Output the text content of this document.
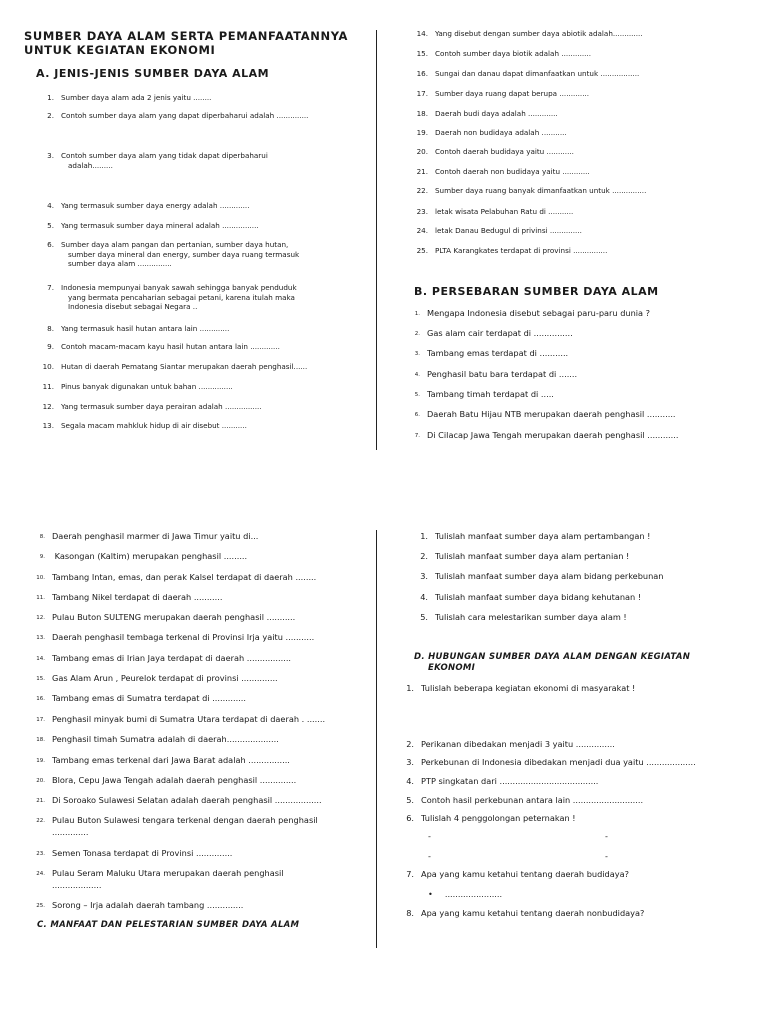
SUMBER DAYA ALAM SERTA PEMANFAATANNYA
UNTUK KEGIATAN EKONOMI
A. JENIS-JENIS SUMBER DAYA ALAM
1. Sumber daya alam ada 2 jenis yaitu ........
2. Contoh sumber daya alam yang dapat diperbaharui adalah ..............
3. Contoh sumber daya alam yang tidak dapat diperbaharui
adalah.........
4. Yang termasuk sumber daya energy adalah .............
5. Yang termasuk sumber daya mineral adalah ................
6. Sumber daya alam pangan dan pertanian, sumber daya hutan,
sumber daya mineral dan energy, sumber daya ruang termasuk
sumber daya alam ...............
7. Indonesia mempunyai banyak sawah sehingga banyak penduduk
yang bermata pencaharian sebagai petani, karena itulah maka
Indonesia disebut sebagai Negara ..
8. Yang termasuk hasil hutan antara lain .............
9. Contoh macam-macam kayu hasil hutan antara lain .............
10. Hutan di daerah Pematang Siantar merupakan daerah penghasil......
11. Pinus banyak digunakan untuk bahan ...............
12. Yang termasuk sumber daya perairan adalah ................
13. Segala macam mahkluk hidup di air disebut ...........
14. Yang disebut dengan sumber daya abiotik adalah.............
15. Contoh sumber daya biotik adalah .............
16. Sungai dan danau dapat dimanfaatkan untuk .................
17. Sumber daya ruang dapat berupa .............
18. Daerah budi daya adalah .............
19. Daerah non budidaya adalah ...........
20. Contoh daerah budidaya yaitu ............
21. Contoh daerah non budidaya yaitu ............
22. Sumber daya ruang banyak dimanfaatkan untuk ...............
23. letak wisata Pelabuhan Ratu di ...........
24. letak Danau Bedugul di privinsi ..............
25. PLTA Karangkates terdapat di provinsi ...............
B. PERSEBARAN SUMBER DAYA ALAM
1. Mengapa Indonesia disebut sebagai paru-paru dunia ?
2. Gas alam cair terdapat di ...............
3. Tambang emas terdapat di ...........
4. Penghasil batu bara terdapat di .......
5. Tambang timah terdapat di .....
6. Daerah Batu Hijau NTB merupakan daerah penghasil ...........
7. Di Cilacap Jawa Tengah merupakan daerah penghasil ............
8. Daerah penghasil marmer di Jawa Timur yaitu di...
9. Kasongan (Kaltim) merupakan penghasil .........
10. Tambang Intan, emas, dan perak Kalsel terdapat di daerah ........
11. Tambang Nikel terdapat di daerah ...........
12. Pulau Buton SULTENG merupakan daerah penghasil ...........
13. Daerah penghasil tembaga terkenal di Provinsi Irja yaitu ...........
14. Tambang emas di Irian Jaya terdapat di daerah .................
15. Gas Alam Arun , Peurelok terdapat di provinsi ..............
16. Tambang emas di Sumatra terdapat di .............
17. Penghasil minyak bumi di Sumatra Utara terdapat di daerah . .......
18. Penghasil timah Sumatra adalah di daerah....................
19. Tambang emas terkenal dari Jawa Barat adalah ................
20. Blora, Cepu Jawa Tengah adalah daerah penghasil ..............
21. Di Soroako Sulawesi Selatan adalah daerah penghasil ..................
22. Pulau Buton Sulawesi tengara terkenal dengan daerah penghasil
..............
23. Semen Tonasa terdapat di Provinsi ..............
24. Pulau Seram Maluku Utara merupakan daerah penghasil
...................
25. Sorong – Irja adalah daerah tambang ..............
C. MANFAAT DAN PELESTARIAN SUMBER DAYA ALAM
1. Tulislah manfaat sumber daya alam pertambangan !
2. Tulislah manfaat sumber daya alam pertanian !
3. Tulislah manfaat sumber daya alam bidang perkebunan
4. Tulislah manfaat sumber daya bidang kehutanan !
5. Tulislah cara melestarikan sumber daya alam !
D. HUBUNGAN SUMBER DAYA ALAM DENGAN KEGIATAN
EKONOMI
1. Tulislah beberapa kegiatan ekonomi di masyarakat !
2. Perikanan dibedakan menjadi 3 yaitu ...............
3. Perkebunan di Indonesia dibedakan menjadi dua yaitu ...................
4. PTP singkatan dari ......................................
5. Contoh hasil perkebunan antara lain ...........................
6. Tulislah 4 penggolongan peternakan !
-	-
-	-
7. Apa yang kamu ketahui tentang daerah budidaya?
• ......................
8. Apa yang kamu ketahui tentang daerah nonbudidaya?
